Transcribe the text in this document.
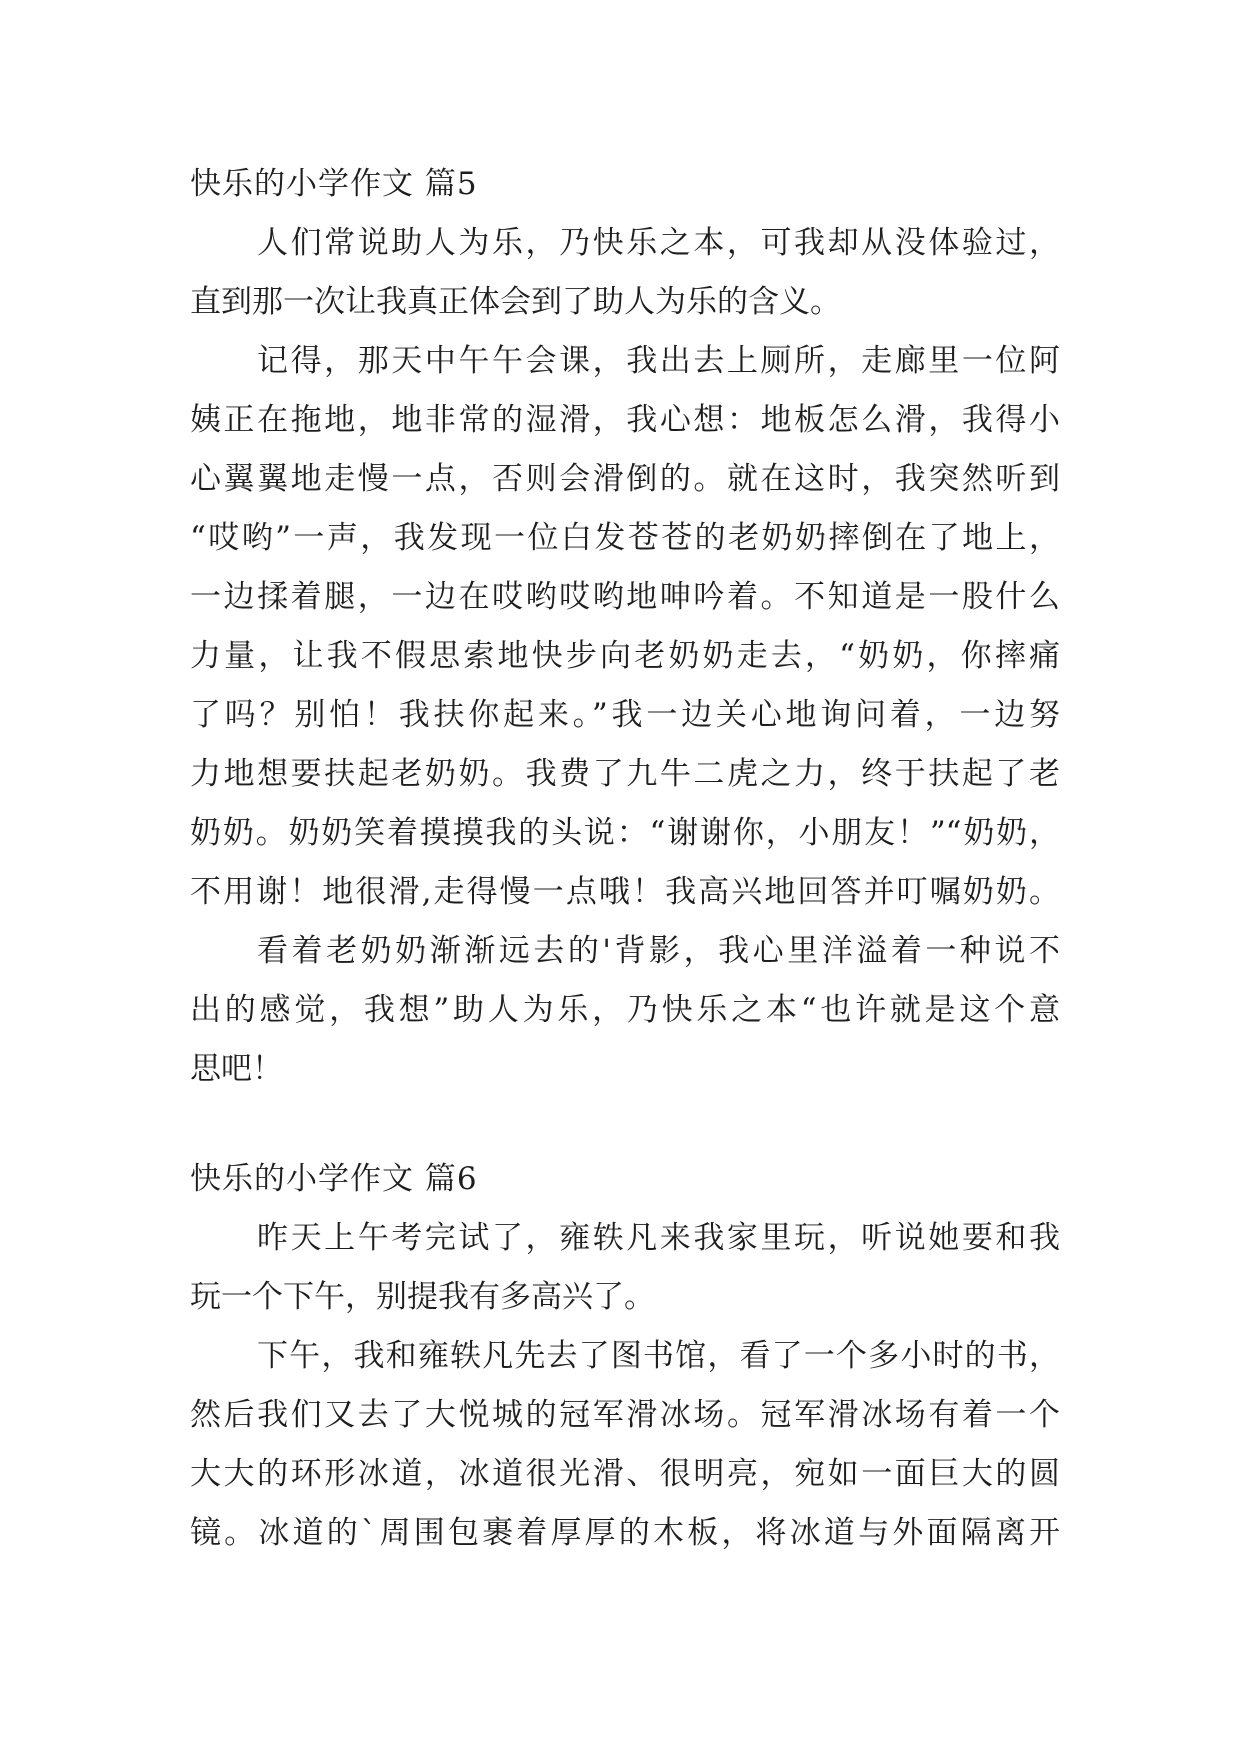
快乐的小学作文 篇5
人们常说助人为乐，乃快乐之本，可我却从没体验过，
直到那一次让我真正体会到了助人为乐的含义。
记得，那天中午午会课，我出去上厕所，走廊里一位阿
姨正在拖地，地非常的湿滑，我心想：地板怎么滑，我得小
心翼翼地走慢一点，否则会滑倒的。就在这时，我突然听到
“哎哟”一声，我发现一位白发苍苍的老奶奶摔倒在了地上，
一边揉着腿，一边在哎哟哎哟地呻吟着。不知道是一股什么
力量，让我不假思索地快步向老奶奶走去，“奶奶，你摔痛
了吗？别怕！我扶你起来。”我一边关心地询问着，一边努
力地想要扶起老奶奶。我费了九牛二虎之力，终于扶起了老
奶奶。奶奶笑着摸摸我的头说：“谢谢你，小朋友！”“奶奶，
不用谢！地很滑,走得慢一点哦！我高兴地回答并叮嘱奶奶。
看着老奶奶渐渐远去的'背影，我心里洋溢着一种说不
出的感觉，我想”助人为乐，乃快乐之本“也许就是这个意
思吧！
快乐的小学作文 篇6
昨天上午考完试了，雍轶凡来我家里玩，听说她要和我
玩一个下午，别提我有多高兴了。
下午，我和雍轶凡先去了图书馆，看了一个多小时的书，
然后我们又去了大悦城的冠军滑冰场。冠军滑冰场有着一个
大大的环形冰道，冰道很光滑、很明亮，宛如一面巨大的圆
镜。冰道的`周围包裹着厚厚的木板，将冰道与外面隔离开
